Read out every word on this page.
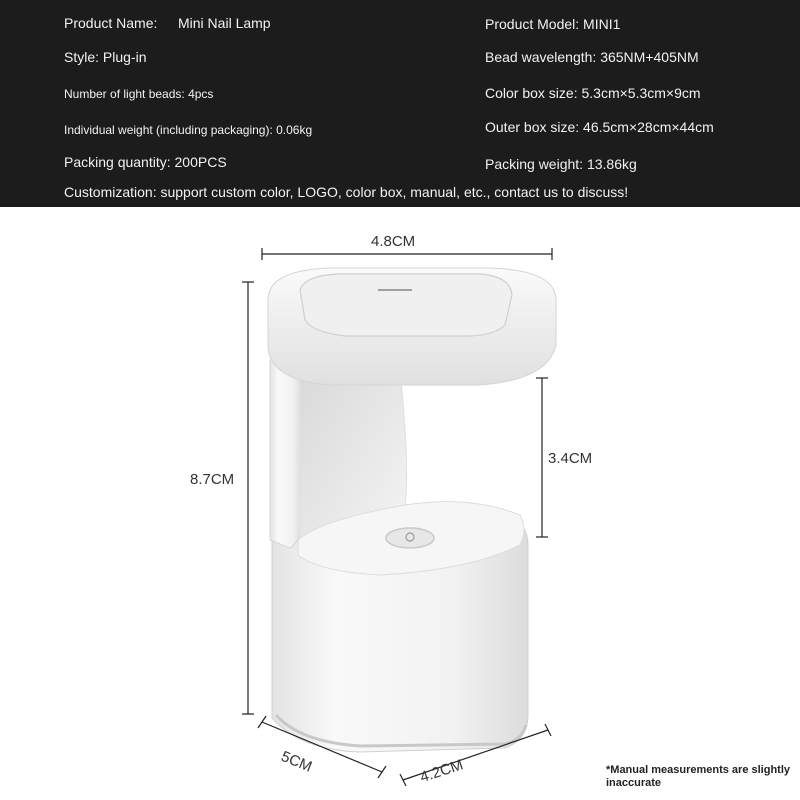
Product Name: Mini Nail Lamp	Product Model: MINI1
Style: Plug-in	Bead wavelength: 365NM+405NM
Number of light beads: 4pcs	Color box size: 5.3cm×5.3cm×9cm
Individual weight (including packaging): 0.06kg	Outer box size: 46.5cm×28cm×44cm
Packing quantity: 200PCS	Packing weight: 13.86kg
Customization: support custom color, LOGO, color box, manual, etc., contact us to discuss!
4.8CM
8.7CM
3.4CM
5CM	4.2CM	*Manual measurements are slightly inaccurate
